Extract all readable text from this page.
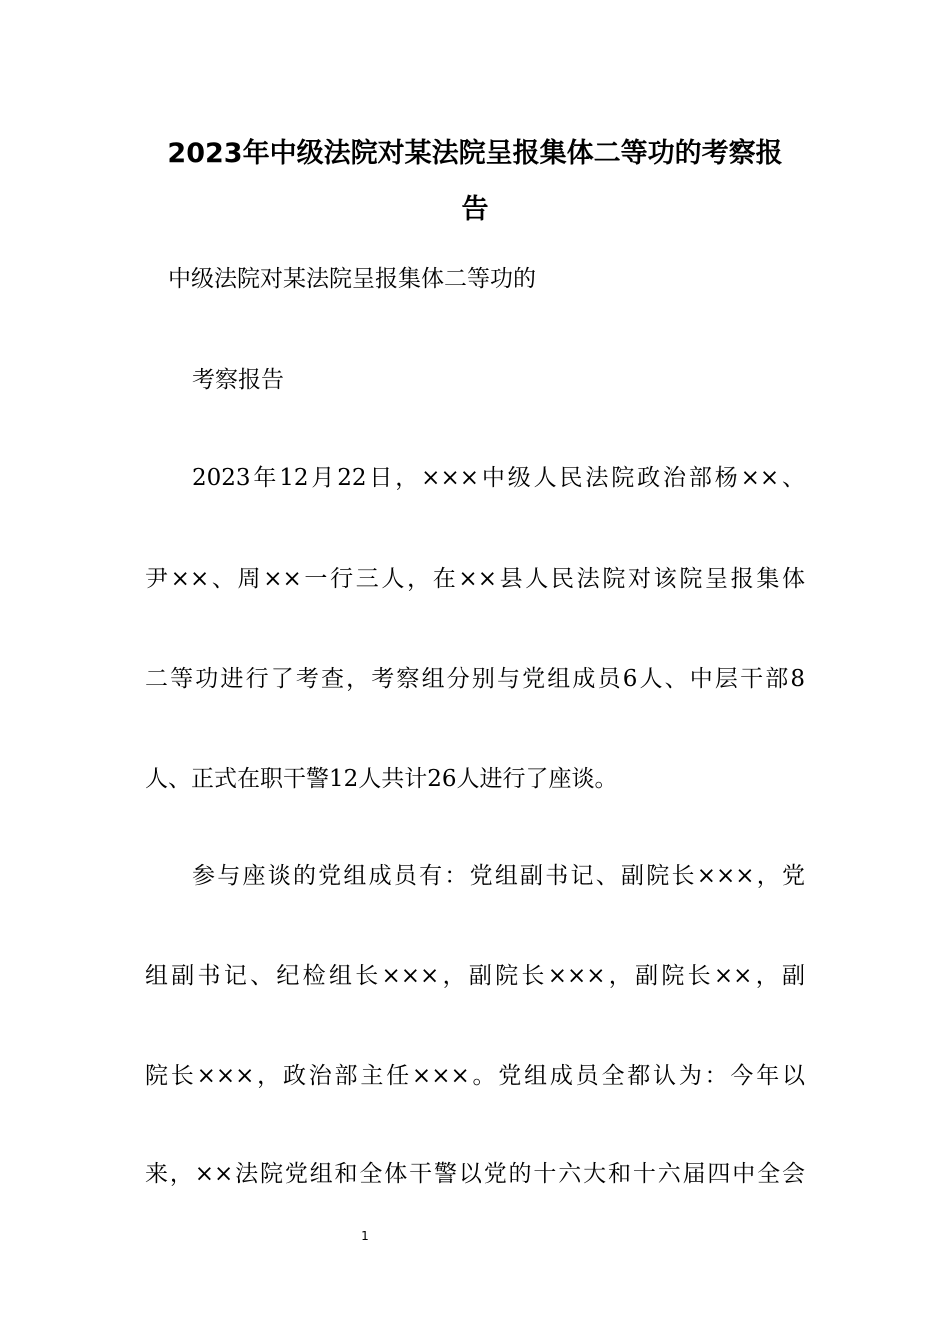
2023年中级法院对某法院呈报集体二等功的考察报
告
中级法院对某法院呈报集体二等功的
考察报告
2023年12月22日，×××中级人民法院政治部杨××、
尹××、周××一行三人，在××县人民法院对该院呈报集体
二等功进行了考查，考察组分别与党组成员6人、中层干部8
人、正式在职干警12人共计26人进行了座谈。
参与座谈的党组成员有：党组副书记、副院长×××，党
组副书记、纪检组长×××，副院长×××，副院长××，副
院长×××，政治部主任×××。党组成员全都认为：今年以
来，××法院党组和全体干警以党的十六大和十六届四中全会
1
